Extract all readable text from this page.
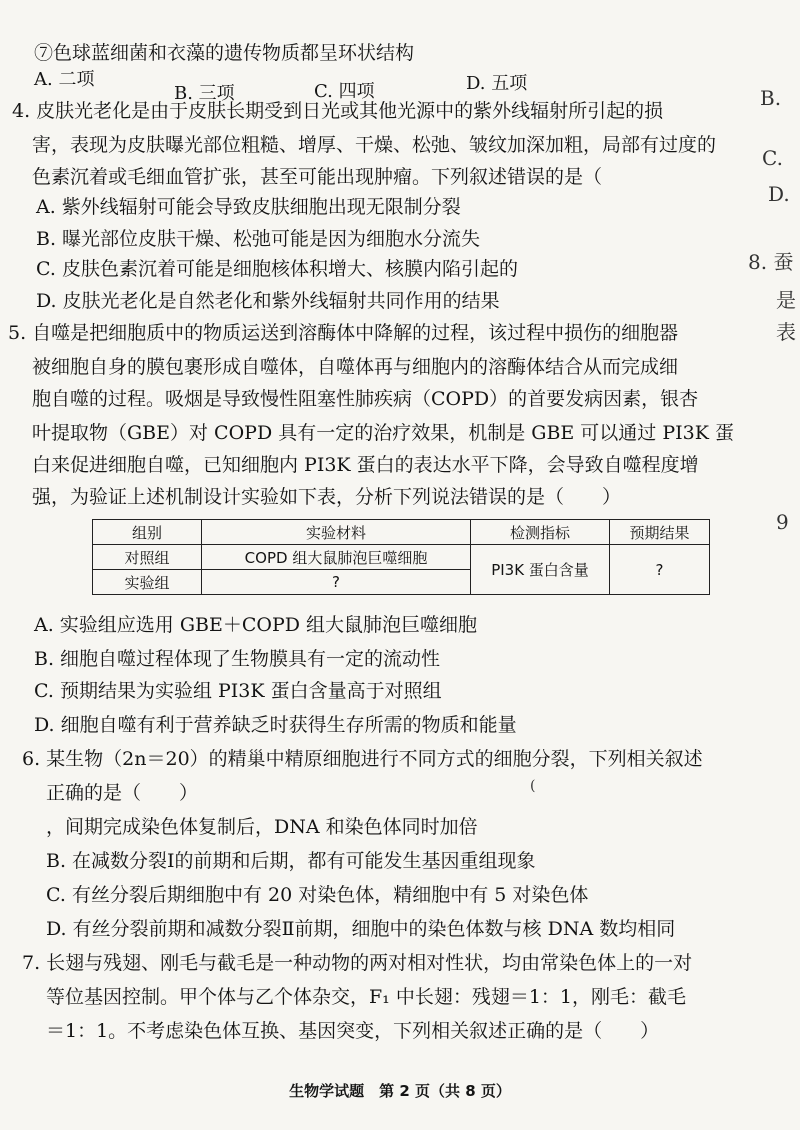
⑦色球蓝细菌和衣藻的遗传物质都呈环状结构
A. 二项
B. 三项	C. 四项	D. 五项
4. 皮肤光老化是由于皮肤长期受到日光或其他光源中的紫外线辐射所引起的损
害，表现为皮肤曝光部位粗糙、增厚、干燥、松弛、皱纹加深加粗，局部有过度的
色素沉着或毛细血管扩张，甚至可能出现肿瘤。下列叙述错误的是（
A. 紫外线辐射可能会导致皮肤细胞出现无限制分裂
B. 曝光部位皮肤干燥、松弛可能是因为细胞水分流失
C. 皮肤色素沉着可能是细胞核体积增大、核膜内陷引起的
D. 皮肤光老化是自然老化和紫外线辐射共同作用的结果
5. 自噬是把细胞质中的物质运送到溶酶体中降解的过程，该过程中损伤的细胞器
被细胞自身的膜包裹形成自噬体，自噬体再与细胞内的溶酶体结合从而完成细
胞自噬的过程。吸烟是导致慢性阻塞性肺疾病（COPD）的首要发病因素，银杏
叶提取物（GBE）对 COPD 具有一定的治疗效果，机制是 GBE 可以通过 PI3K 蛋
白来促进细胞自噬，已知细胞内 PI3K 蛋白的表达水平下降，会导致自噬程度增
强，为验证上述机制设计实验如下表，分析下列说法错误的是（　　）
组别	实验材料	检测指标	预期结果
对照组	COPD 组大鼠肺泡巨噬细胞	PI3K 蛋白含量	?
实验组	?		
A. 实验组应选用 GBE＋COPD 组大鼠肺泡巨噬细胞
B. 细胞自噬过程体现了生物膜具有一定的流动性
C. 预期结果为实验组 PI3K 蛋白含量高于对照组
D. 细胞自噬有利于营养缺乏时获得生存所需的物质和能量
6. 某生物（2n＝20）的精巢中精原细胞进行不同方式的细胞分裂，下列相关叙述
正确的是（　　）	(
，间期完成染色体复制后，DNA 和染色体同时加倍
B. 在减数分裂Ⅰ的前期和后期，都有可能发生基因重组现象
C. 有丝分裂后期细胞中有 20 对染色体，精细胞中有 5 对染色体
D. 有丝分裂前期和减数分裂Ⅱ前期，细胞中的染色体数与核 DNA 数均相同
7. 长翅与残翅、刚毛与截毛是一种动物的两对相对性状，均由常染色体上的一对
等位基因控制。甲个体与乙个体杂交，F₁ 中长翅：残翅＝1：1，刚毛：截毛
＝1：1。不考虑染色体互换、基因突变，下列相关叙述正确的是（　　）
B.
C.
D.
8. 蚕
是
表
9
生物学试题　第 2 页（共 8 页）
